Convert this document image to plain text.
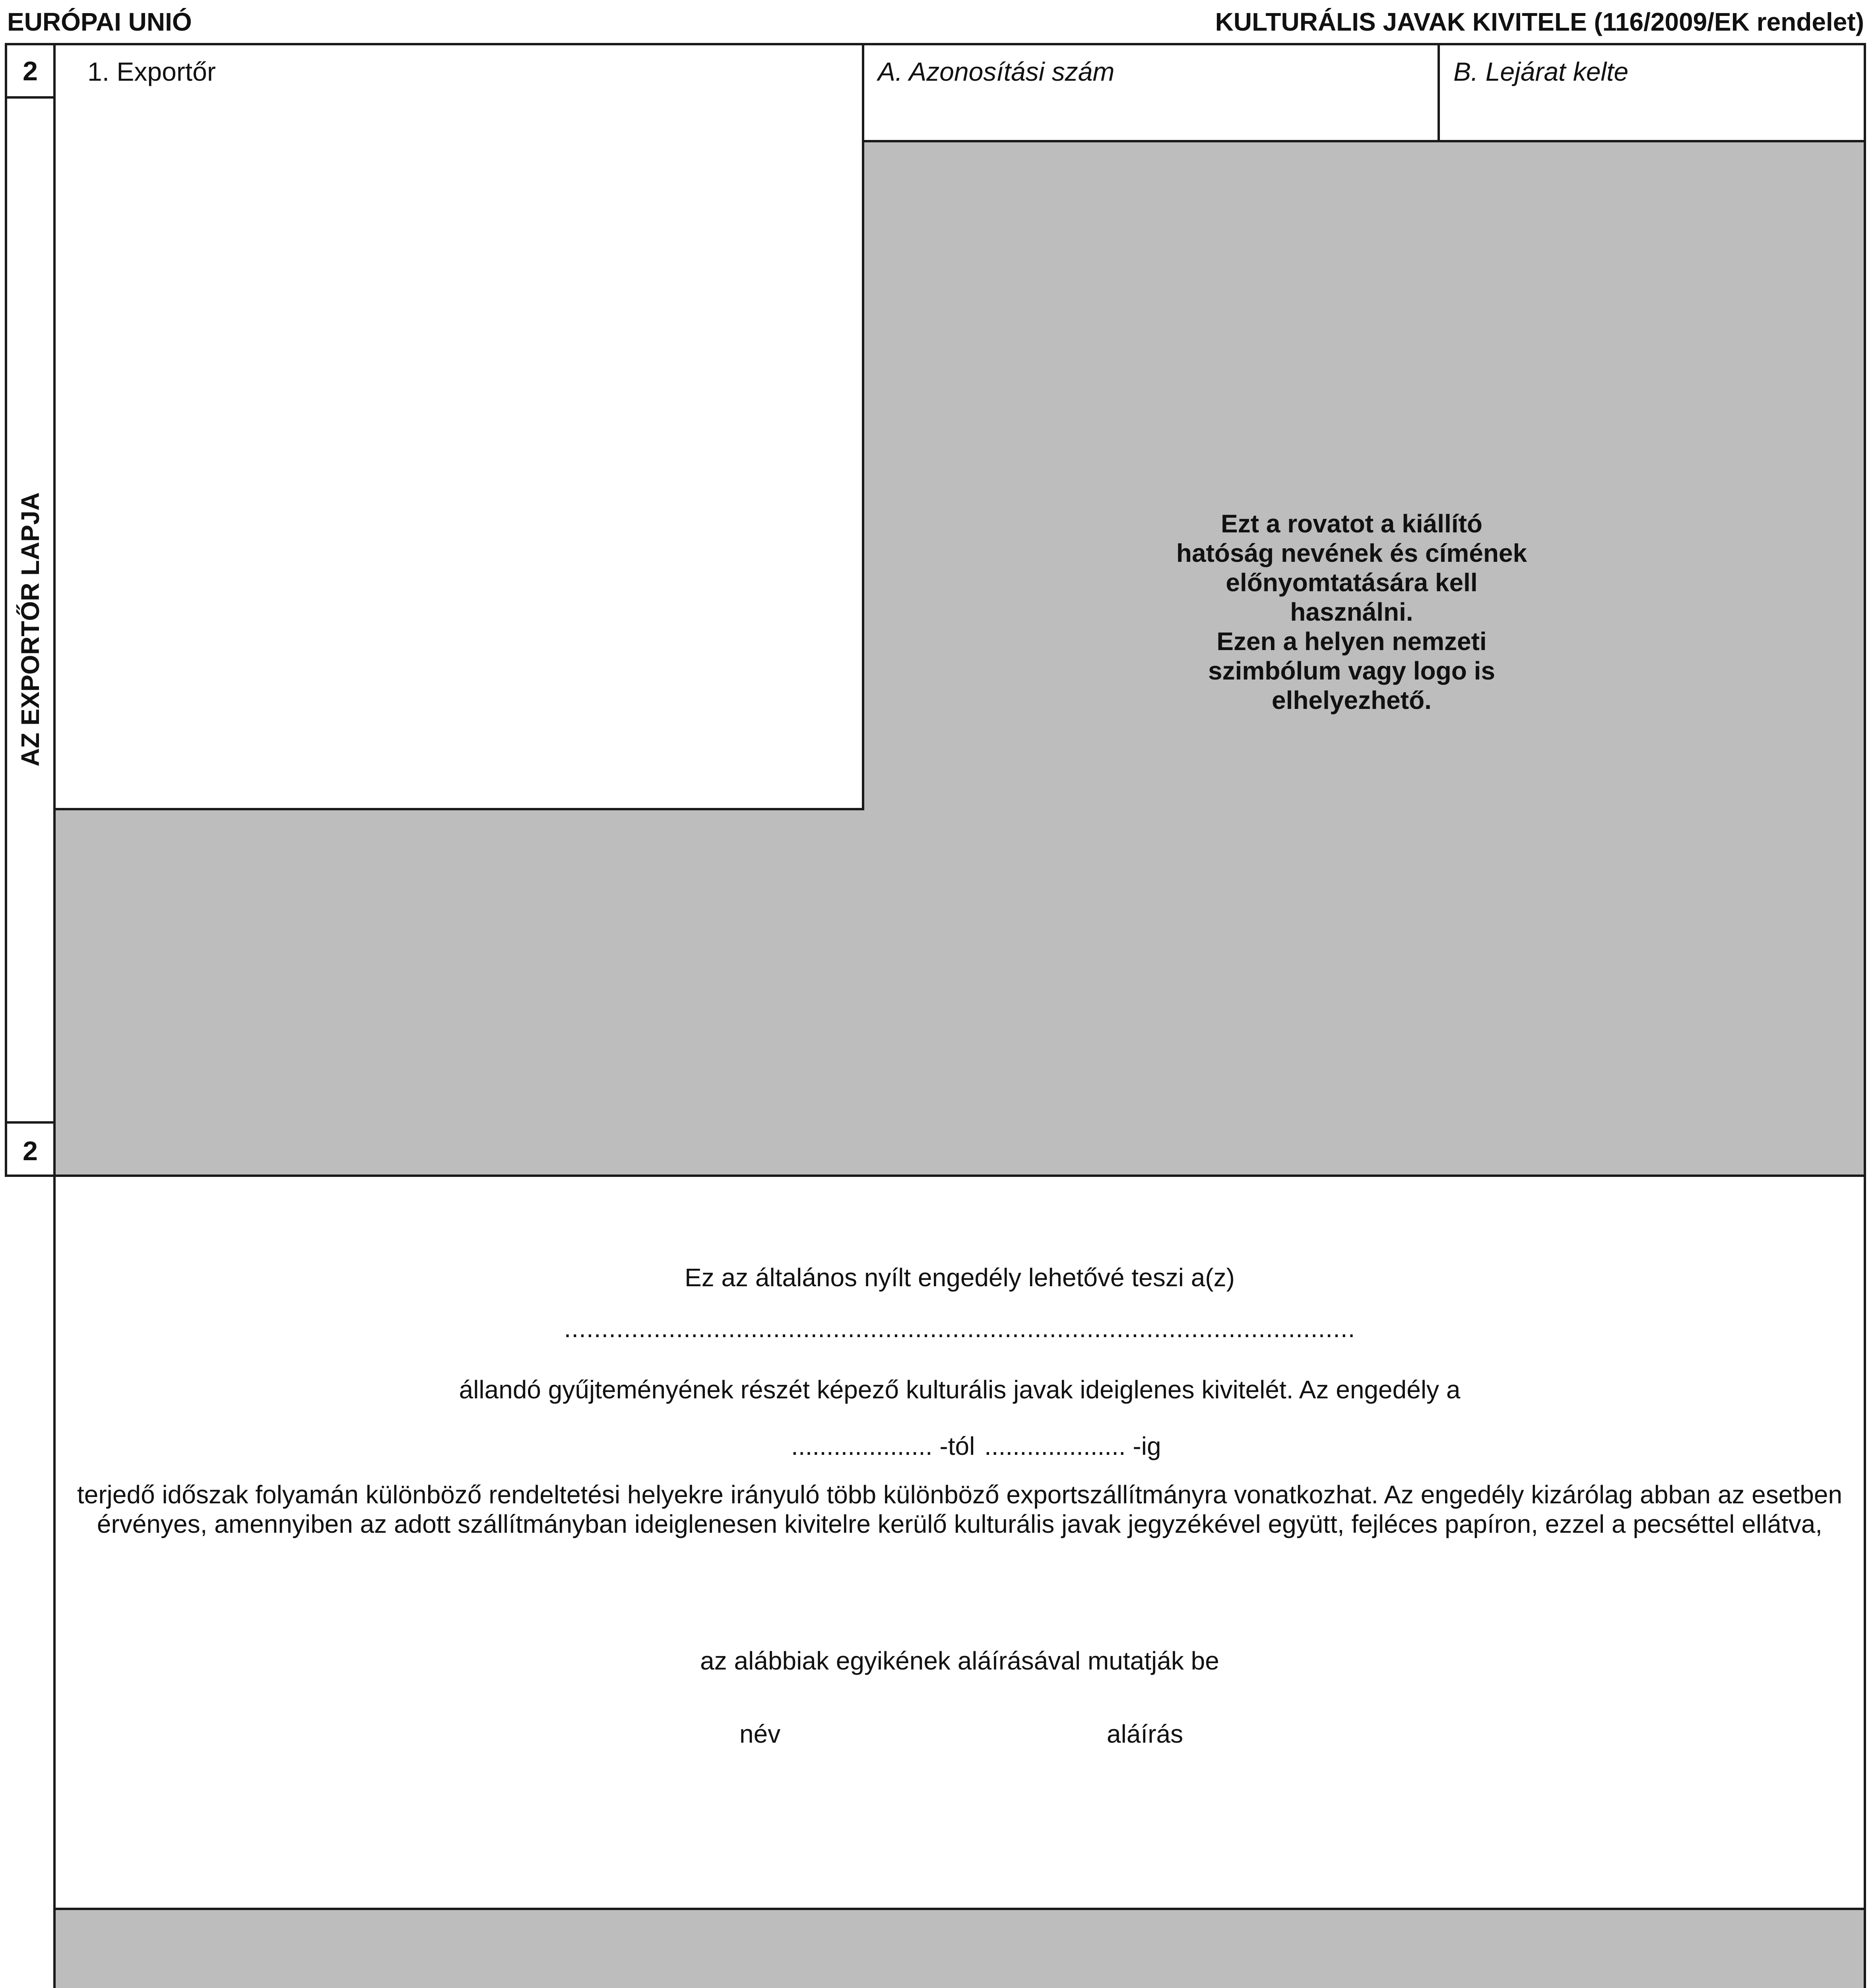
EURÓPAI UNIÓ	KULTURÁLIS JAVAK KIVITELE (116/2009/EK rendelet)
2
AZ EXPORTŐR LAPJA
2
1. Exportőr	A. Azonosítási szám	B. Lejárat kelte
Ezt a rovatot a kiállító
hatóság nevének és címének
előnyomtatására kell
használni.
Ezen a helyen nemzeti
szimbólum vagy logo is
elhelyezhető.
Ez az általános nyílt engedély lehetővé teszi a(z)
..........................................................................................................
állandó gyűjteményének részét képező kulturális javak ideiglenes kivitelét. Az engedély a
.................... -tól .................... -ig
terjedő időszak folyamán különböző rendeltetési helyekre irányuló több különböző exportszállítmányra vonatkozhat. Az engedély kizárólag abban az esetben
érvényes, amennyiben az adott szállítmányban ideiglenesen kivitelre kerülő kulturális javak jegyzékével együtt, fejléces papíron, ezzel a pecséttel ellátva,
az alábbiak egyikének aláírásával mutatják be
név	aláírás
